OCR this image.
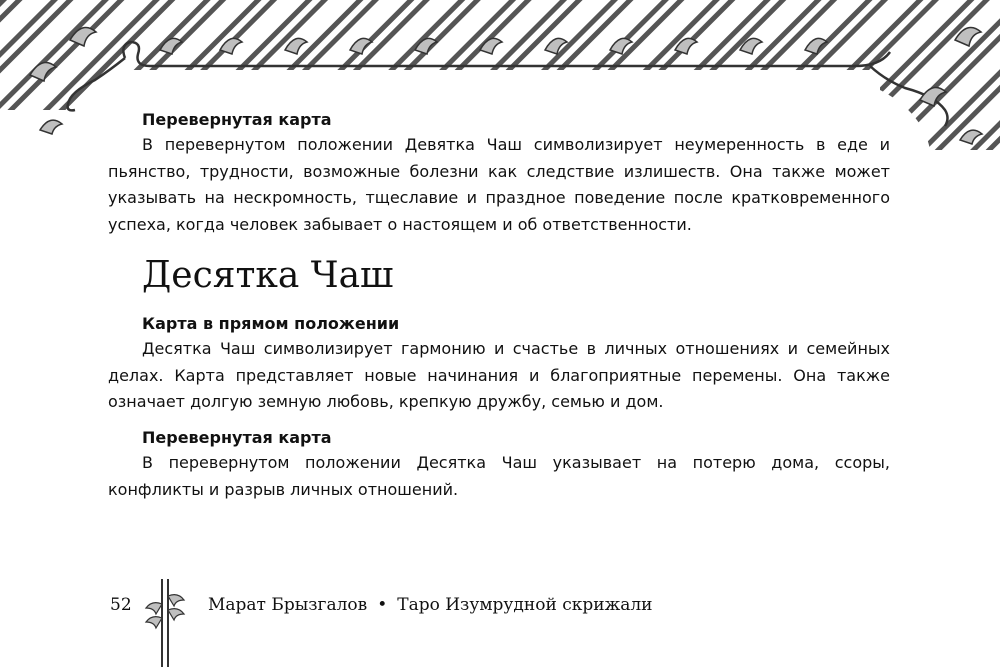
Перевернутая карта

В перевернутом положении Девятка Чаш символизирует неумеренность в еде и пьянство, трудности, возможные болезни как следствие излишеств. Она также может указывать на нескромность, тщеславие и праздное поведение после кратковременного успеха, когда человек забывает о настоящем и об ответственности.

Десятка Чаш

Карта в прямом положении

Десятка Чаш символизирует гармонию и счастье в личных отношениях и семейных делах. Карта представляет новые начинания и благоприятные перемены. Она также означает долгую земную любовь, крепкую дружбу, семью и дом.

Перевернутая карта

В перевернутом положении Десятка Чаш указывает на потерю дома, ссоры, конфликты и разрыв личных отношений.

52	Марат Брызгалов • Таро Изумрудной скрижали
